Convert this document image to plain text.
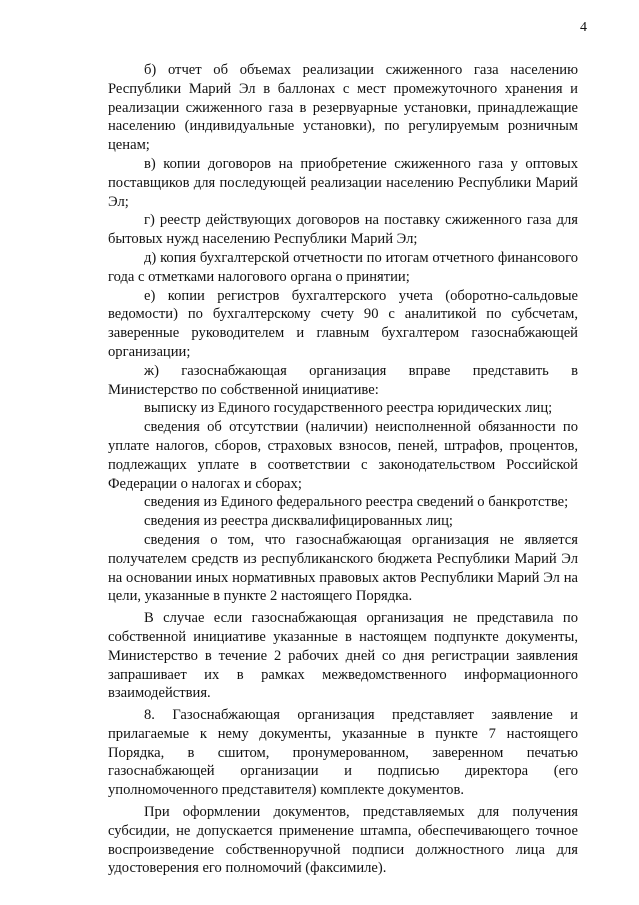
4

б) отчет об объемах реализации сжиженного газа населению Республики Марий Эл в баллонах с мест промежуточного хранения и реализации сжиженного газа в резервуарные установки, принадлежащие населению (индивидуальные установки), по регулируемым розничным ценам;

в) копии договоров на приобретение сжиженного газа у оптовых поставщиков для последующей реализации населению Республики Марий Эл;

г) реестр действующих договоров на поставку сжиженного газа для бытовых нужд населению Республики Марий Эл;

д) копия бухгалтерской отчетности по итогам отчетного финансового года с отметками налогового органа о принятии;

е) копии регистров бухгалтерского учета (оборотно-сальдовые ведомости) по бухгалтерскому счету 90 с аналитикой по субсчетам, заверенные руководителем и главным бухгалтером газоснабжающей организации;

ж) газоснабжающая организация вправе представить в Министерство по собственной инициативе:

выписку из Единого государственного реестра юридических лиц;

сведения об отсутствии (наличии) неисполненной обязанности по уплате налогов, сборов, страховых взносов, пеней, штрафов, процентов, подлежащих уплате в соответствии с законодательством Российской Федерации о налогах и сборах;

сведения из Единого федерального реестра сведений о банкротстве;

сведения из реестра дисквалифицированных лиц;

сведения о том, что газоснабжающая организация не является получателем средств из республиканского бюджета Республики Марий Эл на основании иных нормативных правовых актов Республики Марий Эл на цели, указанные в пункте 2 настоящего Порядка.

В случае если газоснабжающая организация не представила по собственной инициативе указанные в настоящем подпункте документы, Министерство в течение 2 рабочих дней со дня регистрации заявления запрашивает их в рамках межведомственного информационного взаимодействия.

8. Газоснабжающая организация представляет заявление и прилагаемые к нему документы, указанные в пункте 7 настоящего Порядка, в сшитом, пронумерованном, заверенном печатью газоснабжающей организации и подписью директора (его уполномоченного представителя) комплекте документов.

При оформлении документов, представляемых для получения субсидии, не допускается применение штампа, обеспечивающего точное воспроизведение собственноручной подписи должностного лица для удостоверения его полномочий (факсимиле).
